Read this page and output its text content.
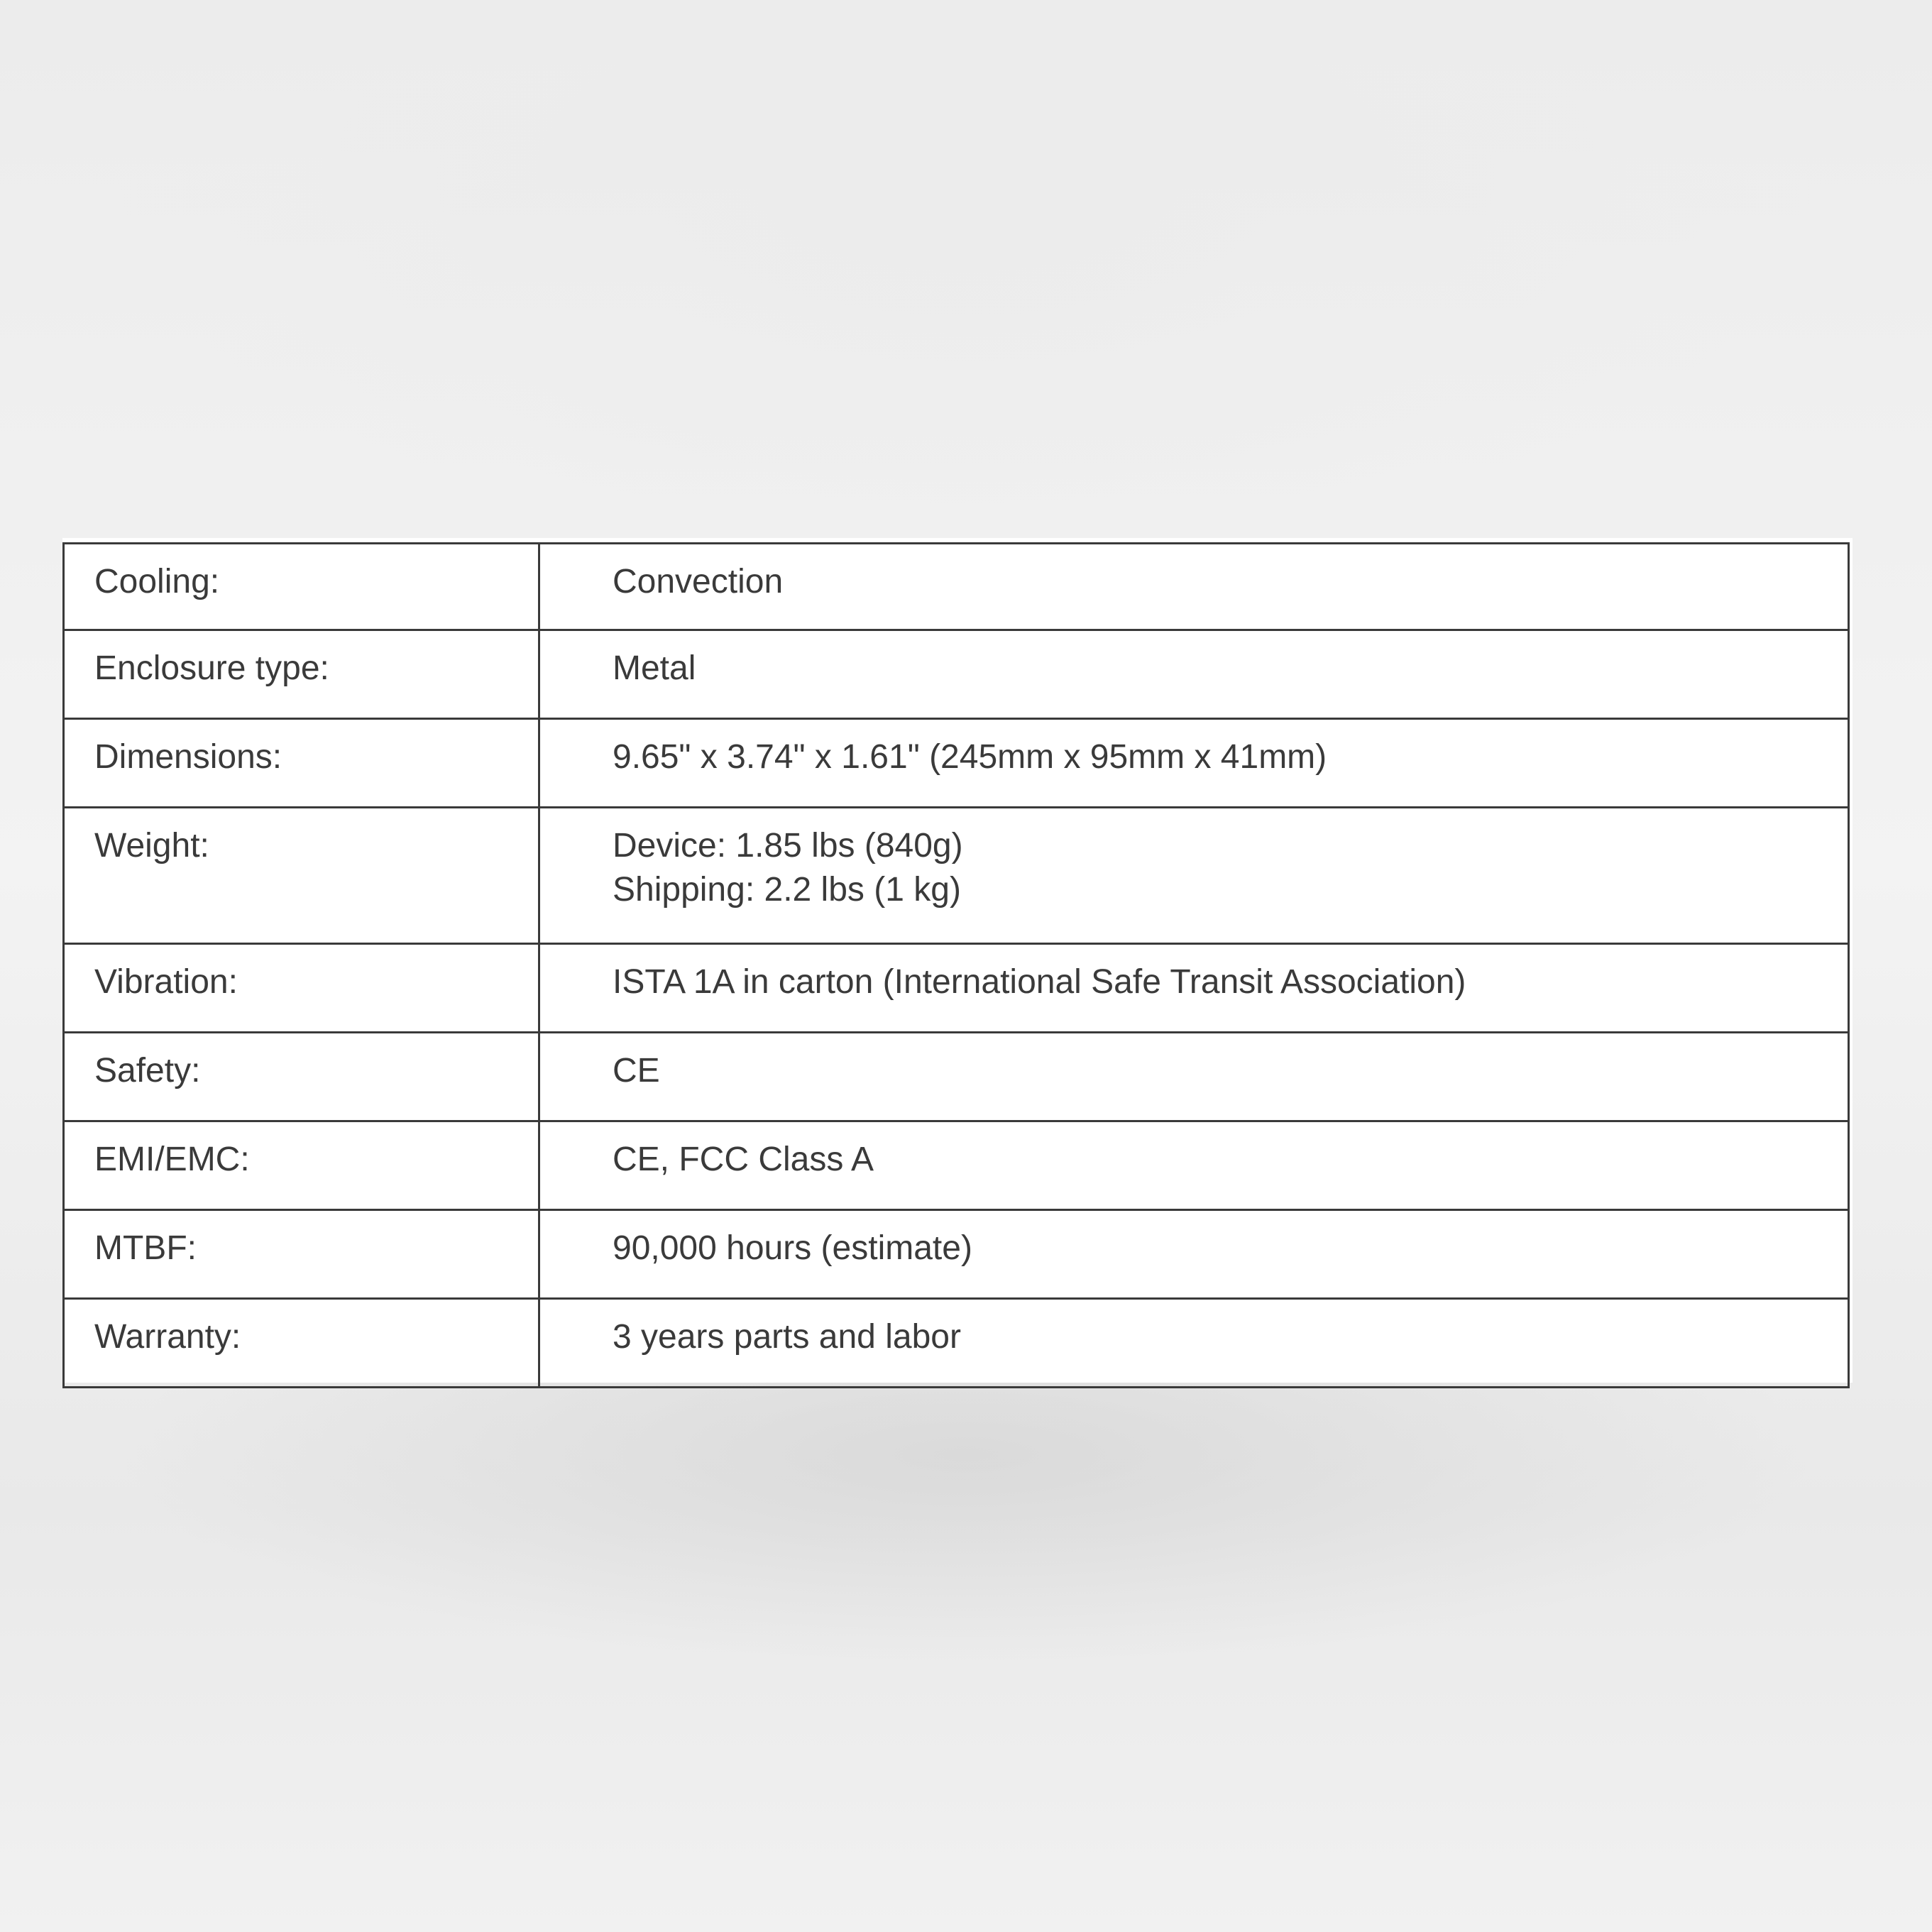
Cooling:	Convection

Enclosure type:	Metal

Dimensions:	9.65" x 3.74" x 1.61" (245mm x 95mm x 41mm)

Weight:	Device: 1.85 lbs (840g)
Shipping: 2.2 lbs (1 kg)

Vibration:	ISTA 1A in carton (International Safe Transit Association)

Safety:	CE

EMI/EMC:	CE, FCC Class A

MTBF:	90,000 hours (estimate)

Warranty:	3 years parts and labor
